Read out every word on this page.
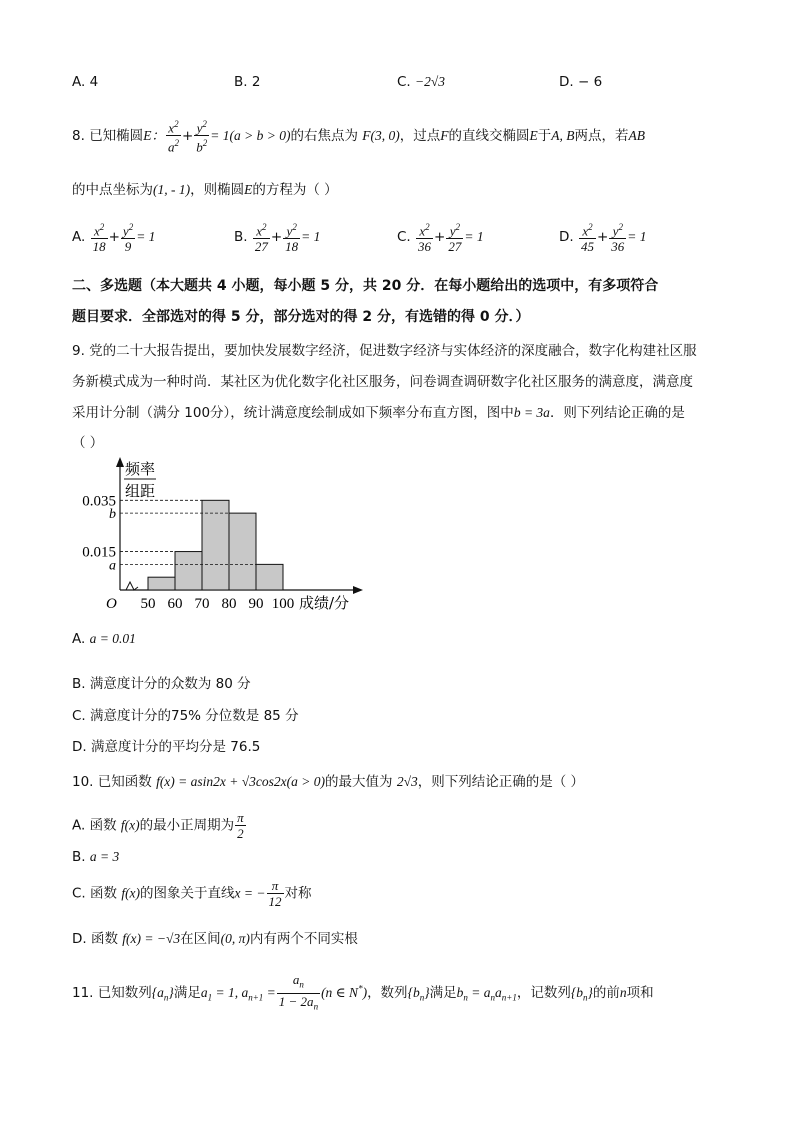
A. 4	B. 2	C. −2√3	D. − 6
8. 已知椭圆E： $\frac{x^2}{a^2} + \frac{y^2}{b^2} = 1(a > b > 0)$的右焦点为 F(3, 0)，过点F的直线交椭圆E于A, B两点，若AB
的中点坐标为(1, - 1)，则椭圆E的方程为（ ）
A. $\frac{x^2}{18} + \frac{y^2}{9} = 1$	B. $\frac{x^2}{27} + \frac{y^2}{18} = 1$	C. $\frac{x^2}{36} + \frac{y^2}{27} = 1$	D. $\frac{x^2}{45} + \frac{y^2}{36} = 1$
二、多选题（本大题共 4 小题，每小题 5 分，共 20 分．在每小题给出的选项中，有多项符合
题目要求．全部选对的得 5 分，部分选对的得 2 分，有选错的得 0 分．）
9. 党的二十大报告提出，要加快发展数字经济，促进数字经济与实体经济的深度融合，数字化构建社区服
务新模式成为一种时尚．某社区为优化数字化社区服务，问卷调查调研数字化社区服务的满意度，满意度
采用计分制（满分 100分），统计满意度绘制成如下频率分布直方图，图中b = 3a．则下列结论正确的是
（ ）
0.035
b
0.015
a
50 60 70 80 90 100
O	成绩/分
频率
组距
A. a = 0.01
B. 满意度计分的众数为 80 分
C. 满意度计分的75% 分位数是 85 分
D. 满意度计分的平均分是 76.5
10. 已知函数 f(x) = asin2x + √3cos2x(a > 0)的最大值为 2√3，则下列结论正确的是（ ）
A. 函数 f(x)的最小正周期为 $\frac{\pi}{2}$
B. a = 3
C. 函数 f(x)的图象关于直线x = − $\frac{\pi}{12}$ 对称
D. 函数 f(x) = −√3在区间(0, π)内有两个不同实根
11. 已知数列$\{a_n\}$满足$a_1 = 1$, $a_{n+1} = \frac{a_n}{1 - 2a_n} (n$ ∈ N*)，数列$\{b_n\}$满足$b_n = a_na_{n+1}$，记数列$\{b_n\}$的前n项和
